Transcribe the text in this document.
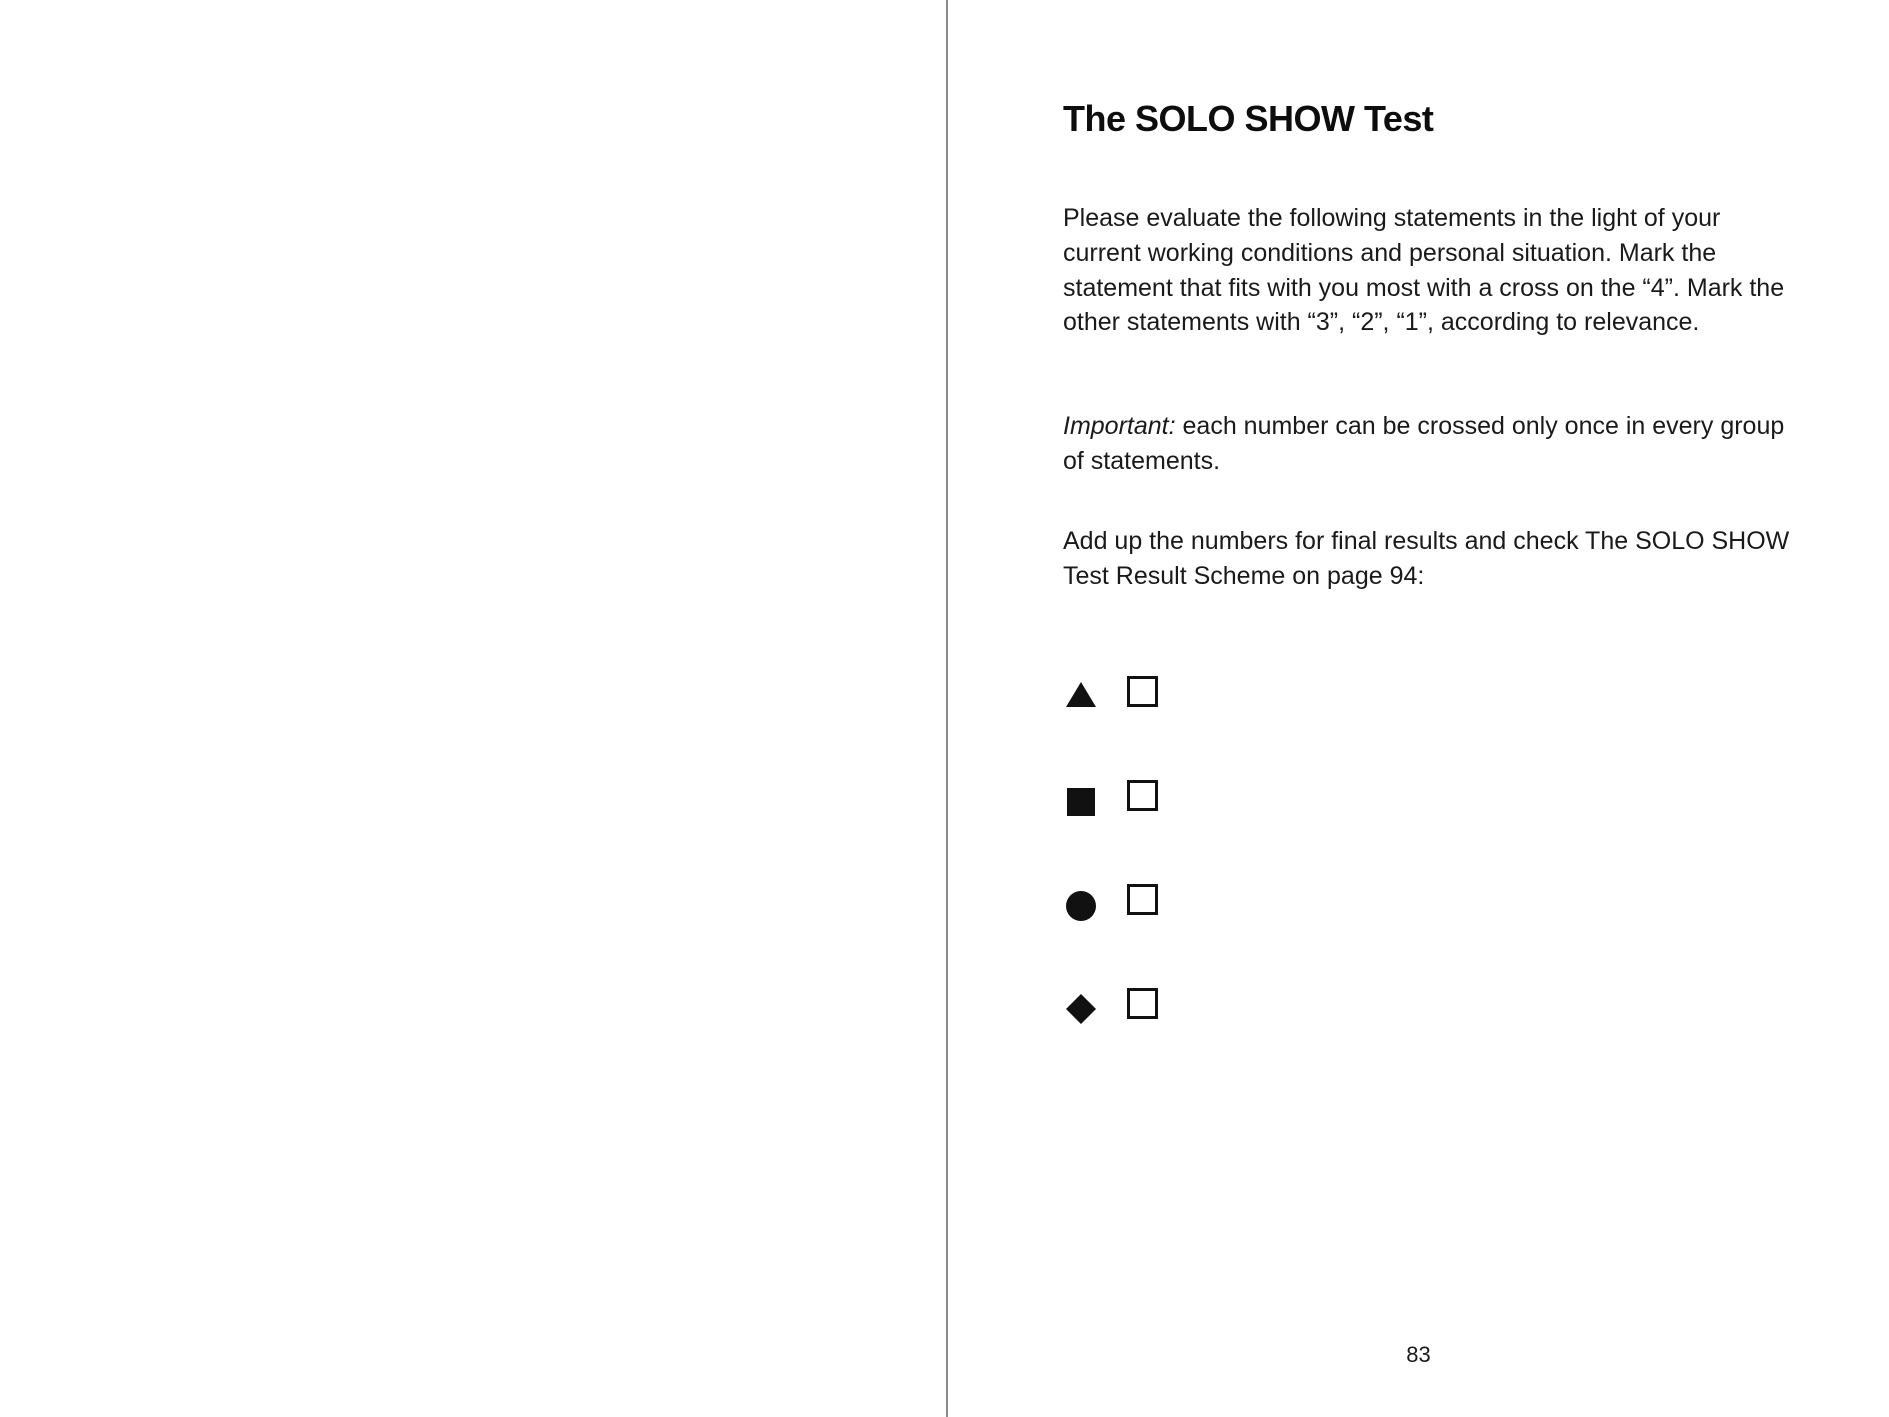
The SOLO SHOW Test

Please evaluate the following statements in the light of your current working conditions and personal situation. Mark the statement that fits with you most with a cross on the “4”. Mark the other statements with “3”, “2”, “1”, according to relevance.

Important: each number can be crossed only once in every group of statements.

Add up the numbers for final results and check The SOLO SHOW Test Result Scheme on page 94:

83
